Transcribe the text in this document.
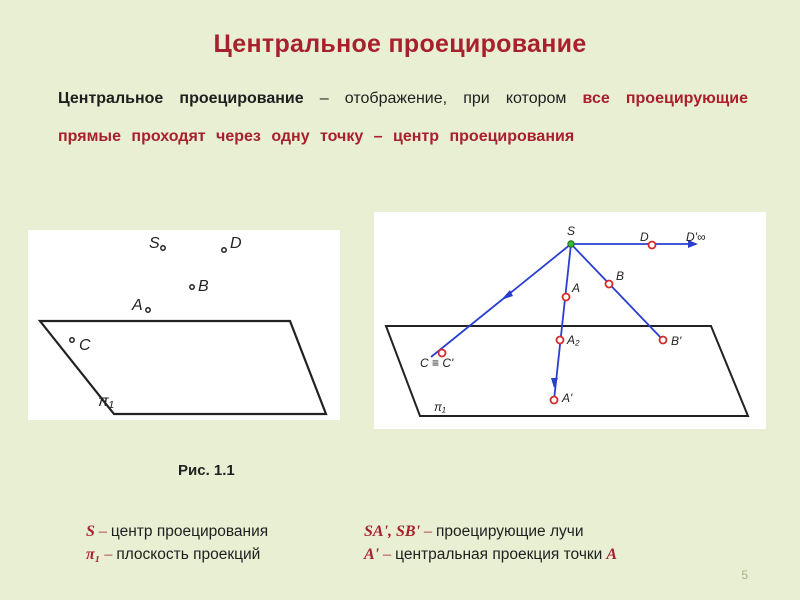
Центральное проецирование
Центральное проецирование – отображение, при котором все проецирующие прямые проходят через одну точку – центр проецирования
S	D
B
A
C
π₁
S	D	D'∞
A
B
A₂
C ≡ C'
B'
A'
π₁
Рис. 1.1
S – центр проецирования
π₁ – плоскость проекций
SA', SB' – проецирующие лучи
A' – центральная проекция точки A
5
